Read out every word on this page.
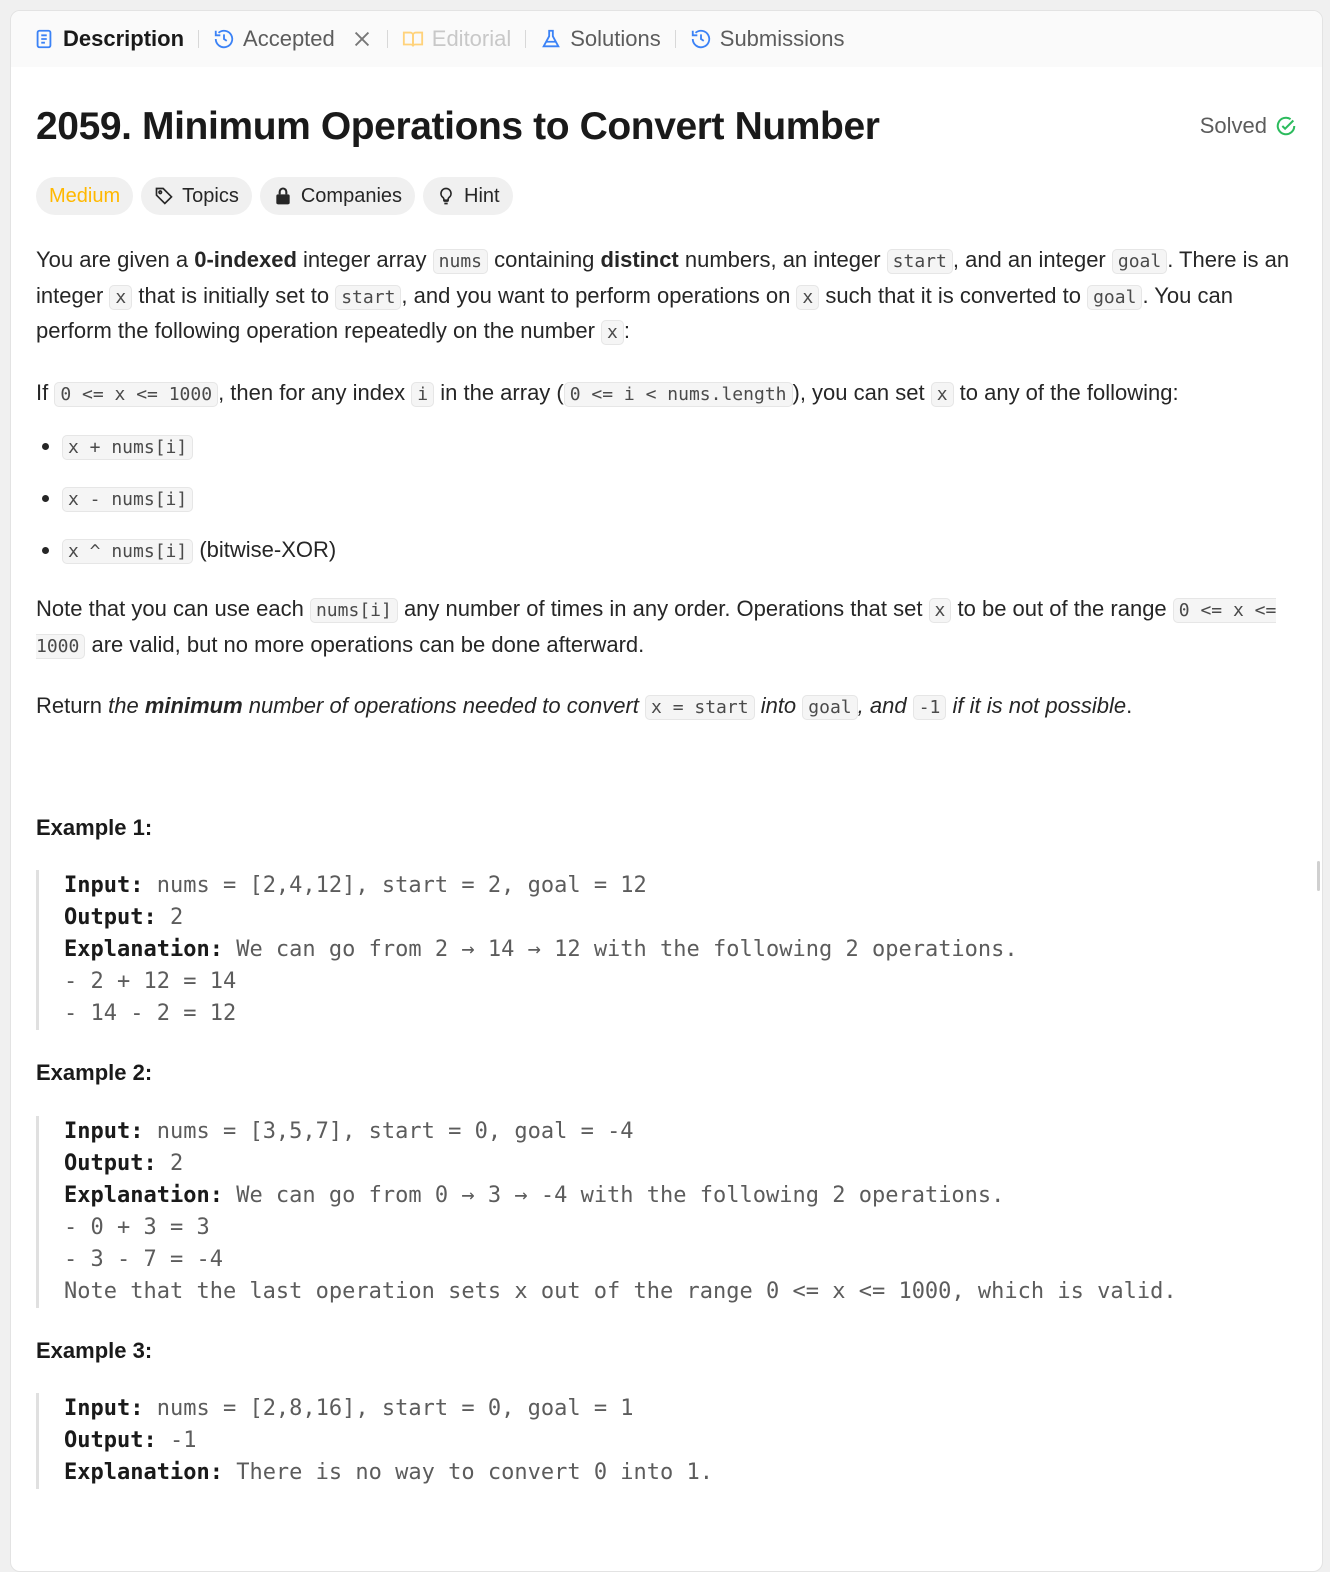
Description	Accepted	Editorial	Solutions	Submissions
2059. Minimum Operations to Convert Number	Solved
Medium	Topics	Companies	Hint

You are given a 0-indexed integer array nums containing distinct numbers, an integer start , and an integer goal . There is an integer x that is initially set to start , and you want to perform operations on x such that it is converted to goal . You can perform the following operation repeatedly on the number x :

If 0 <= x <= 1000 , then for any index i in the array ( 0 <= i < nums.length ), you can set x to any of the following:

• x + nums[i]
• x - nums[i]
• x ^ nums[i] (bitwise-XOR)

Note that you can use each nums[i] any number of times in any order. Operations that set x to be out of the range 0 <= x <= 1000 are valid, but no more operations can be done afterward.

Return the minimum number of operations needed to convert x = start into goal , and -1 if it is not possible.

Example 1:
Input: nums = [2,4,12], start = 2, goal = 12
Output: 2
Explanation: We can go from 2 → 14 → 12 with the following 2 operations.
- 2 + 12 = 14
- 14 - 2 = 12
Example 2:
Input: nums = [3,5,7], start = 0, goal = -4
Output: 2
Explanation: We can go from 0 → 3 → -4 with the following 2 operations.
- 0 + 3 = 3
- 3 - 7 = -4
Note that the last operation sets x out of the range 0 <= x <= 1000, which is valid.
Example 3:
Input: nums = [2,8,16], start = 0, goal = 1
Output: -1
Explanation: There is no way to convert 0 into 1.
